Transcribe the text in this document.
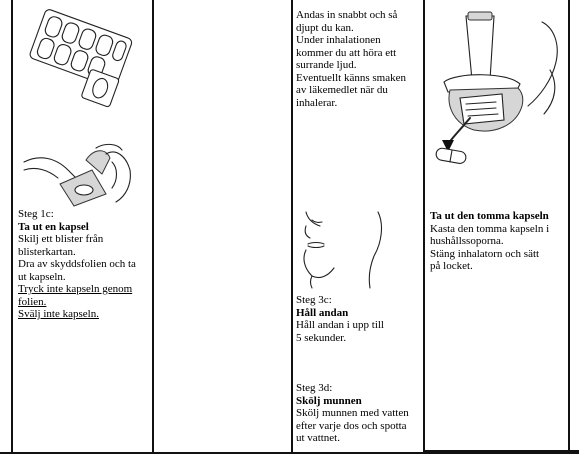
Steg 1c:

Ta ut en kapsel

Skilj ett blister från

blisterkartan.

Dra av skyddsfolien och ta

ut kapseln.

Tryck inte kapseln genom

folien.

Svälj inte kapseln.

Andas in snabbt och så

djupt du kan.

Under inhalationen

kommer du att höra ett

surrande ljud.

Eventuellt känns smaken

av läkemedlet när du

inhalerar.

Steg 3c:

Håll andan

Håll andan i upp till

5 sekunder.

Steg 3d:

Skölj munnen

Skölj munnen med vatten

efter varje dos och spotta

ut vattnet.

Ta ut den tomma kapseln

Kasta den tomma kapseln i

hushållssoporna.

Stäng inhalatorn och sätt

på locket.
